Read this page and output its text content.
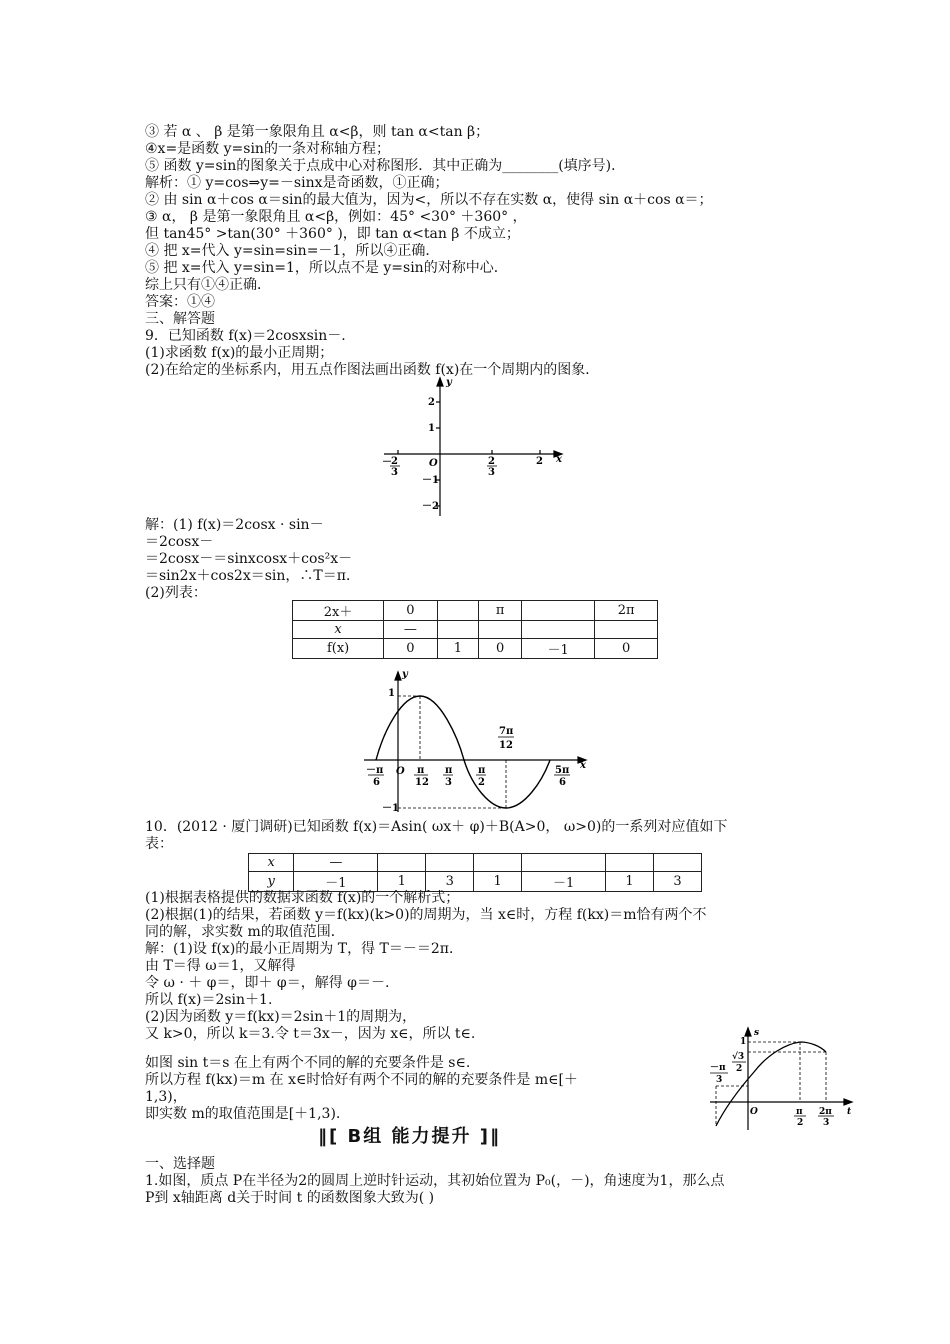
③ 若 α 、 β 是第一象限角且 α<β，则 tan α<tan β；
④x=是函数 y=sin的一条对称轴方程；
⑤ 函数 y=sin的图象关于点成中心对称图形．其中正确为________(填序号)．
解析：① y=cos⇒y=－sinx是奇函数，①正确；
② 由 sin α＋cos α＝sin的最大值为，因为<，所以不存在实数 α，使得 sin α＋cos α＝；
③ α， β 是第一象限角且 α<β，例如：45° <30° ＋360° ，
但 tan45° >tan(30° ＋360° )，即 tan α<tan β 不成立；
④ 把 x=代入 y=sin=sin=－1，所以④正确．
⑤ 把 x=代入 y=sin=1，所以点不是 y=sin的对称中心．
综上只有①④正确．
答案：①④
三、解答题
9．已知函数 f(x)＝2cosxsin－.
(1)求函数 f(x)的最小正周期；
(2)在给定的坐标系内，用五点作图法画出函数 f(x)在一个周期内的图象．
y
x
O
2
1
－1
－2
－ 2
3
2
3
2
解：(1) f(x)＝2cosx · sin－
＝2cosx－
＝2cosx－＝sinxcosx＋cos²x－
＝sin2x＋cos2x＝sin，∴T＝π．
(2)列表：
2x＋	0		π		2π
x	—				
f(x)	0	1	0	－1	0
y
x
1
－1
O
7π
12
－π
6
π
12
π
3
π
2
5π
6
10．(2012 · 厦门调研)已知函数 f(x)＝Asin( ωx＋ φ)＋B(A>0， ω>0)的一系列对应值如下
表：
x	—						
y	－1	1	3	1	－1	1	3
(1)根据表格提供的数据求函数 f(x)的一个解析式；
(2)根据(1)的结果，若函数 y＝f(kx)(k>0)的周期为，当 x∈时，方程 f(kx)＝m恰有两个不
同的解，求实数 m的取值范围．
解：(1)设 f(x)的最小正周期为 T，得 T＝－＝2π．
由 T＝得 ω＝1，又解得
令 ω · ＋ φ＝，即＋ φ＝，解得 φ＝－.
所以 f(x)＝2sin＋1.
(2)因为函数 y＝f(kx)＝2sin＋1的周期为，
又 k>0，所以 k＝3.令 t＝3x－，因为 x∈，所以 t∈.
如图 sin t＝s 在上有两个不同的解的充要条件是 s∈.
所以方程 f(kx)＝m 在 x∈时恰好有两个不同的解的充要条件是 m∈[＋
1,3)，
即实数 m的取值范围是[＋1,3).
s
t
O
1
√3
2
－π
3
π
2
2π
3
‖[ B组 能力提升 ]‖
一、选择题
1.如图，质点 P在半径为2的圆周上逆时针运动，其初始位置为 P₀(，－)，角速度为1，那么点
P到 x轴距离 d关于时间 t 的函数图象大致为( )
